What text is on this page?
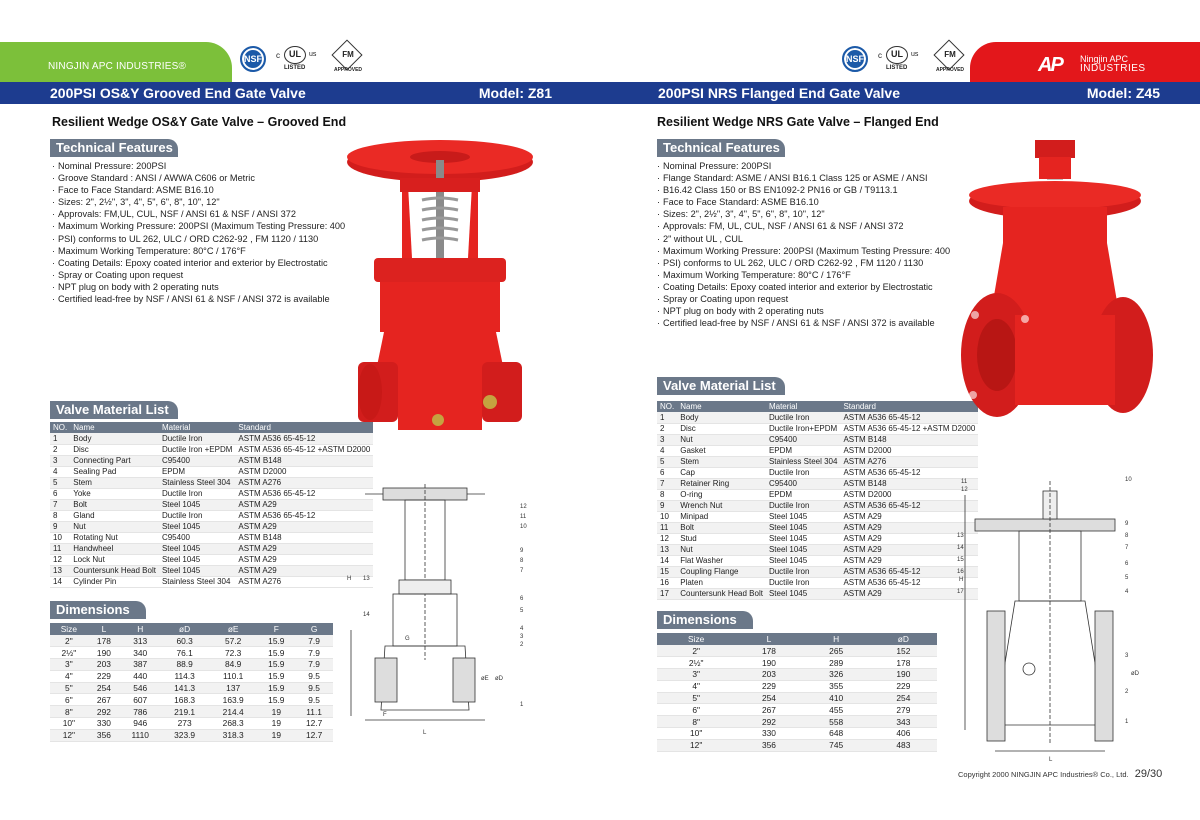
NINGJIN APC INDUSTRIES®
NSF	c	UL	us
LISTED
FM
APPROVED
NSF	c	UL	us
LISTED
FM
APPROVED	AP Ningjin APC
INDUSTRIES
200PSI OS&Y Grooved End Gate Valve	Model: Z81	200PSI NRS Flanged End Gate Valve	Model: Z45
Resilient Wedge OS&Y Gate Valve – Grooved End
Technical Features
· Nominal Pressure: 200PSI
· Groove Standard : ANSI / AWWA C606 or Metric
· Face to Face Standard: ASME B16.10
· Sizes: 2", 2½", 3", 4", 5", 6", 8", 10", 12"
· Approvals: FM,UL, CUL, NSF / ANSI 61 & NSF / ANSI 372
· Maximum Working Pressure: 200PSI (Maximum Testing Pressure: 400
· PSI) conforms to UL 262, ULC / ORD C262-92 , FM 1120 / 1130
· Maximum Working Temperature: 80°C / 176°F
· Coating Details: Epoxy coated interior and exterior by Electrostatic
· Spray or Coating upon request
· NPT plug on body with 2 operating nuts
· Certified lead-free by NSF / ANSI 61 & NSF / ANSI 372 is available
Valve Material List
NO.	Name	Material	Standard
1	Body	Ductile Iron	ASTM A536 65-45-12
2	Disc	Ductile Iron +EPDM	ASTM A536 65-45-12 +ASTM D2000
3	Connecting Part	C95400	ASTM B148
4	Sealing Pad	EPDM	ASTM D2000
5	Stem	Stainless Steel 304	ASTM A276
6	Yoke	Ductile Iron	ASTM A536 65-45-12
7	Bolt	Steel 1045	ASTM A29
8	Gland	Ductile Iron	ASTM A536 65-45-12
9	Nut	Steel 1045	ASTM A29
10	Rotating Nut	C95400	ASTM B148
11	Handwheel	Steel 1045	ASTM A29
12	Lock Nut	Steel 1045	ASTM A29
13	Countersunk Head Bolt	Steel 1045	ASTM A29
14	Cylinder Pin	Stainless Steel 304	ASTM A276
Dimensions
Size	L	H	øD	øE	F	G
2"	178	313	60.3	57.2	15.9	7.9
2½"	190	340	76.1	72.3	15.9	7.9
3"	203	387	88.9	84.9	15.9	7.9
4"	229	440	114.3	110.1	15.9	9.5
5"	254	546	141.3	137	15.9	9.5
6"	267	607	168.3	163.9	15.9	9.5
8"	292	786	219.1	214.4	19	11.1
10"	330	946	273	268.3	19	12.7
12"	356	1110	323.9	318.3	19	12.7
12
11
10
9
8
7
6
5
4
3
2
1
13
14
H
G
F
L
øD
øE
Resilient Wedge NRS Gate Valve – Flanged End
Technical Features
· Nominal Pressure: 200PSI
· Flange Standard: ASME / ANSI B16.1 Class 125 or ASME / ANSI
· B16.42 Class 150 or BS EN1092-2 PN16 or GB / T9113.1
· Face to Face Standard: ASME B16.10
· Sizes: 2", 2½", 3", 4", 5", 6", 8", 10", 12"
· Approvals: FM, UL, CUL, NSF / ANSI 61 & NSF / ANSI 372
· 2" without UL , CUL
· Maximum Working Pressure: 200PSI (Maximum Testing Pressure: 400
· PSI) conforms to UL 262, ULC / ORD C262-92 , FM 1120 / 1130
· Maximum Working Temperature: 80°C / 176°F
· Coating Details: Epoxy coated interior and exterior by Electrostatic
· Spray or Coating upon request
· NPT plug on body with 2 operating nuts
· Certified lead-free by NSF / ANSI 61 & NSF / ANSI 372 is available
Valve Material List
NO.	Name	Material	Standard
1	Body	Ductile Iron	ASTM A536 65-45-12
2	Disc	Ductile Iron+EPDM	ASTM A536 65-45-12 +ASTM D2000
3	Nut	C95400	ASTM B148
4	Gasket	EPDM	ASTM D2000
5	Stem	Stainless Steel 304	ASTM A276
6	Cap	Ductile Iron	ASTM A536 65-45-12
7	Retainer Ring	C95400	ASTM B148
8	O-ring	EPDM	ASTM D2000
9	Wrench Nut	Ductile Iron	ASTM A536 65-45-12
10	Minipad	Steel 1045	ASTM A29
11	Bolt	Steel 1045	ASTM A29
12	Stud	Steel 1045	ASTM A29
13	Nut	Steel 1045	ASTM A29
14	Flat Washer	Steel 1045	ASTM A29
15	Coupling Flange	Ductile Iron	ASTM A536 65-45-12
16	Platen	Ductile Iron	ASTM A536 65-45-12
17	Countersunk Head Bolt	Steel 1045	ASTM A29
Dimensions
Size	L	H	øD
2"	178	265	152
2½"	190	289	178
3"	203	326	190
4"	229	355	229
5"	254	410	254
6"	267	455	279
8"	292	558	343
10"	330	648	406
12"	356	745	483
11
12
13
14
15
16
17
10
9
8
7
6
5
4
3
2
1
H
L
øD
Copyright 2000 NINGJIN APC Industries® Co., Ltd. 29/30
